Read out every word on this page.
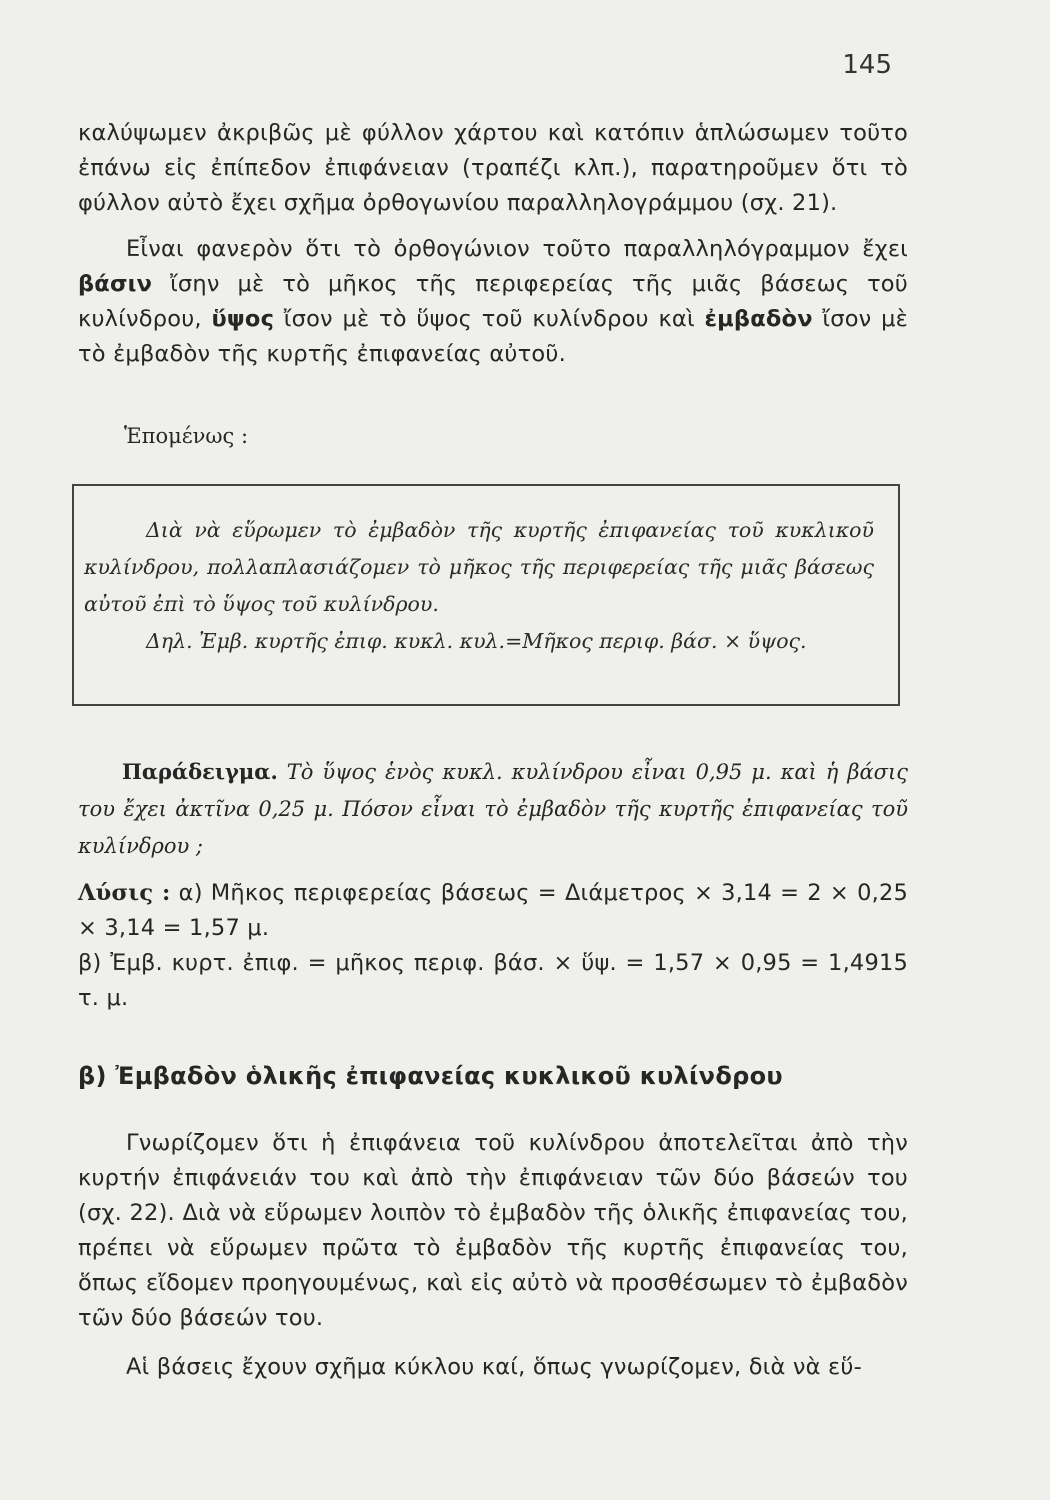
145

καλύψωμεν ἀκριβῶς μὲ φύλλον χάρτου καὶ κατόπιν ἁπλώσωμεν τοῦτο ἐπάνω εἰς ἐπίπεδον ἐπιφάνειαν (τραπέζι κλπ.), παρατηροῦμεν ὅτι τὸ φύλλον αὐτὸ ἔχει σχῆμα ὀρθογωνίου παραλληλογράμμου (σχ. 21).

Εἶναι φανερὸν ὅτι τὸ ὀρθογώνιον τοῦτο παραλληλόγραμμον ἔχει βάσιν ἴσην μὲ τὸ μῆκος τῆς περιφερείας τῆς μιᾶς βάσεως τοῦ κυλίνδρου, ὕψος ἴσον μὲ τὸ ὕψος τοῦ κυλίνδρου καὶ ἐμβαδὸν ἴσον μὲ τὸ ἐμβαδὸν τῆς κυρτῆς ἐπιφανείας αὐτοῦ.

Ἑπομένως :

Διὰ νὰ εὕρωμεν τὸ ἐμβαδὸν τῆς κυρτῆς ἐπιφανείας τοῦ κυκλικοῦ κυλίνδρου, πολλαπλασιάζομεν τὸ μῆκος τῆς περιφερείας τῆς μιᾶς βάσεως αὐτοῦ ἐπὶ τὸ ὕψος τοῦ κυλίνδρου.

Δηλ. Ἐμβ. κυρτῆς ἐπιφ. κυκλ. κυλ.=Μῆκος περιφ. βάσ. × ὕψος.

Παράδειγμα. Τὸ ὕψος ἑνὸς κυκλ. κυλίνδρου εἶναι 0,95 μ. καὶ ἡ βάσις του ἔχει ἀκτῖνα 0,25 μ. Πόσον εἶναι τὸ ἐμβαδὸν τῆς κυρτῆς ἐπιφανείας τοῦ κυλίνδρου ;

Λύσις : α) Μῆκος περιφερείας βάσεως = Διάμετρος × 3,14 = 2 × 0,25 × 3,14 = 1,57 μ.

β) Ἐμβ. κυρτ. ἐπιφ. = μῆκος περιφ. βάσ. × ὕψ. = 1,57 × 0,95 = 1,4915 τ. μ.

β) Ἐμβαδὸν ὁλικῆς ἐπιφανείας κυκλικοῦ κυλίνδρου

Γνωρίζομεν ὅτι ἡ ἐπιφάνεια τοῦ κυλίνδρου ἀποτελεῖται ἀπὸ τὴν κυρτήν ἐπιφάνειάν του καὶ ἀπὸ τὴν ἐπιφάνειαν τῶν δύο βάσεών του (σχ. 22). Διὰ νὰ εὕρωμεν λοιπὸν τὸ ἐμβαδὸν τῆς ὁλικῆς ἐπιφανείας του, πρέπει νὰ εὕρωμεν πρῶτα τὸ ἐμβαδὸν τῆς κυρτῆς ἐπιφανείας του, ὅπως εἴδομεν προηγουμένως, καὶ εἰς αὐτὸ νὰ προσθέσωμεν τὸ ἐμβαδὸν τῶν δύο βάσεών του.

Αἱ βάσεις ἔχουν σχῆμα κύκλου καί, ὅπως γνωρίζομεν, διὰ νὰ εὕ-
